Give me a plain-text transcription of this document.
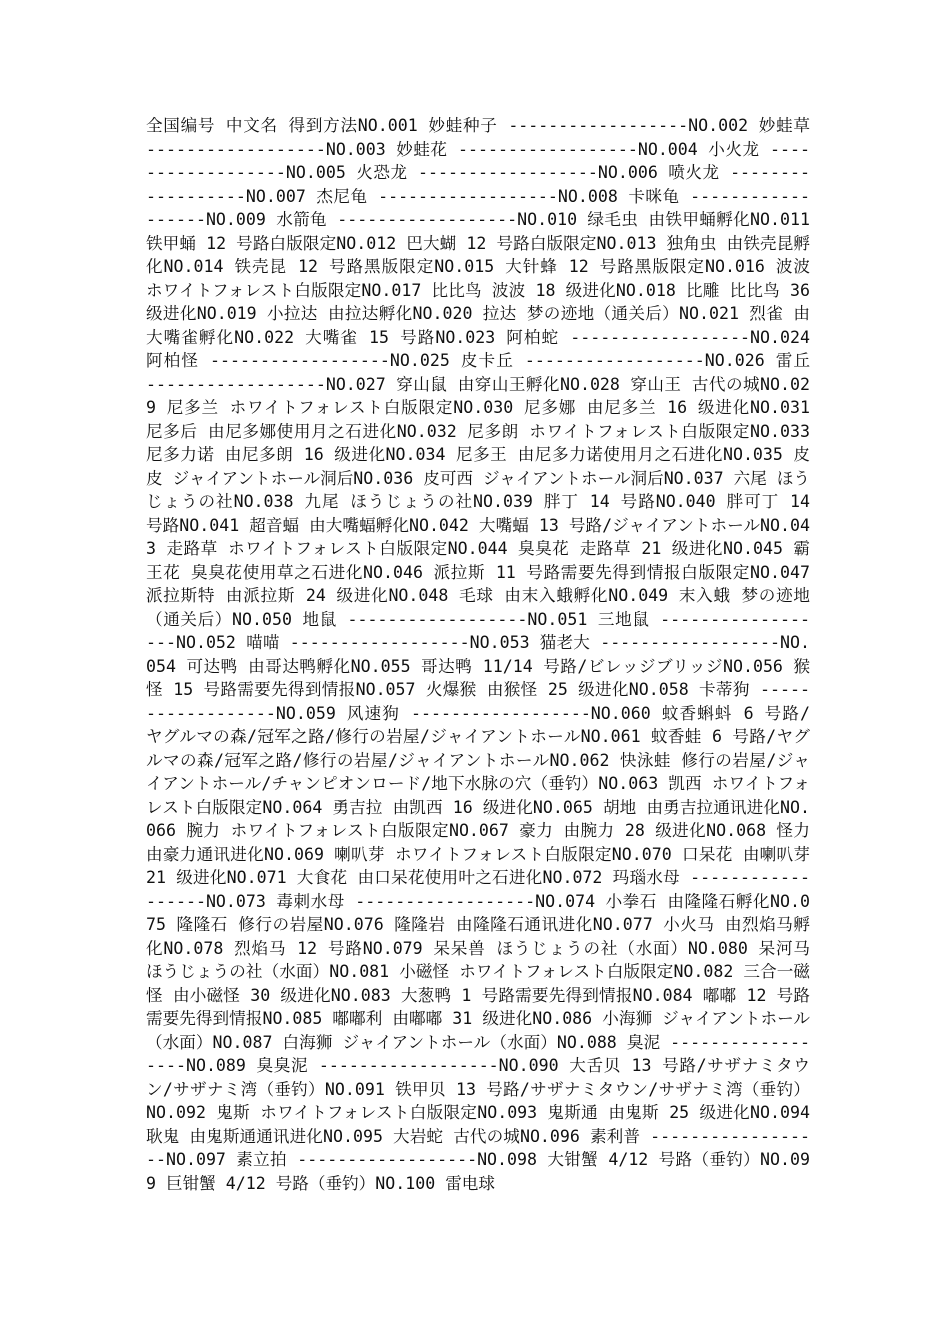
全国编号 中文名 得到方法NO.001 妙蛙种子 ------------------NO.002 妙蛙草 ------------------NO.003 妙蛙花 ------------------NO.004 小火龙 ------------------NO.005 火恐龙 ------------------NO.006 喷火龙 ------------------NO.007 杰尼龟 ------------------NO.008 卡咪龟 ------------------NO.009 水箭龟 ------------------NO.010 绿毛虫 由铁甲蛹孵化NO.011 铁甲蛹 12 号路白版限定NO.012 巴大蝴 12 号路白版限定NO.013 独角虫 由铁壳昆孵化NO.014 铁壳昆 12 号路黑版限定NO.015 大针蜂 12 号路黑版限定NO.016 波波 ホワイトフォレスト白版限定NO.017 比比鸟 波波 18 级进化NO.018 比雕 比比鸟 36 级进化NO.019 小拉达 由拉达孵化NO.020 拉达 梦の迹地（通关后）NO.021 烈雀 由大嘴雀孵化NO.022 大嘴雀 15 号路NO.023 阿柏蛇 ------------------NO.024 阿柏怪 ------------------NO.025 皮卡丘 ------------------NO.026 雷丘 ------------------NO.027 穿山鼠 由穿山王孵化NO.028 穿山王 古代の城NO.029 尼多兰 ホワイトフォレスト白版限定NO.030 尼多娜 由尼多兰 16 级进化NO.031 尼多后 由尼多娜使用月之石进化NO.032 尼多朗 ホワイトフォレスト白版限定NO.033 尼多力诺 由尼多朗 16 级进化NO.034 尼多王 由尼多力诺使用月之石进化NO.035 皮皮 ジャイアントホール洞后NO.036 皮可西 ジャイアントホール洞后NO.037 六尾 ほうじょうの社NO.038 九尾 ほうじょうの社NO.039 胖丁 14 号路NO.040 胖可丁 14 号路NO.041 超音蝠 由大嘴蝠孵化NO.042 大嘴蝠 13 号路/ジャイアントホールNO.043 走路草 ホワイトフォレスト白版限定NO.044 臭臭花 走路草 21 级进化NO.045 霸王花 臭臭花使用草之石进化NO.046 派拉斯 11 号路需要先得到情报白版限定NO.047 派拉斯特 由派拉斯 24 级进化NO.048 毛球 由末入蛾孵化NO.049 末入蛾 梦の迹地（通关后）NO.050 地鼠 ------------------NO.051 三地鼠 ------------------NO.052 喵喵 ------------------NO.053 猫老大 ------------------NO.054 可达鸭 由哥达鸭孵化NO.055 哥达鸭 11/14 号路/ビレッジブリッジNO.056 猴怪 15 号路需要先得到情报NO.057 火爆猴 由猴怪 25 级进化NO.058 卡蒂狗 ------------------NO.059 风速狗 ------------------NO.060 蚊香蝌蚪 6 号路/ヤグルマの森/冠军之路/修行の岩屋/ジャイアントホールNO.061 蚊香蛙 6 号路/ヤグルマの森/冠军之路/修行の岩屋/ジャイアントホールNO.062 快泳蛙 修行の岩屋/ジャイアントホール/チャンピオンロード/地下水脉の穴（垂钓）NO.063 凯西 ホワイトフォレスト白版限定NO.064 勇吉拉 由凯西 16 级进化NO.065 胡地 由勇吉拉通讯进化NO.066 腕力 ホワイトフォレスト白版限定NO.067 豪力 由腕力 28 级进化NO.068 怪力 由豪力通讯进化NO.069 喇叭芽 ホワイトフォレスト白版限定NO.070 口呆花 由喇叭芽 21 级进化NO.071 大食花 由口呆花使用叶之石进化NO.072 玛瑙水母 ------------------NO.073 毒刺水母 ------------------NO.074 小拳石 由隆隆石孵化NO.075 隆隆石 修行の岩屋NO.076 隆隆岩 由隆隆石通讯进化NO.077 小火马 由烈焰马孵化NO.078 烈焰马 12 号路NO.079 呆呆兽 ほうじょうの社（水面）NO.080 呆河马 ほうじょうの社（水面）NO.081 小磁怪 ホワイトフォレスト白版限定NO.082 三合一磁怪 由小磁怪 30 级进化NO.083 大葱鸭 1 号路需要先得到情报NO.084 嘟嘟 12 号路需要先得到情报NO.085 嘟嘟利 由嘟嘟 31 级进化NO.086 小海狮 ジャイアントホール（水面）NO.087 白海狮 ジャイアントホール（水面）NO.088 臭泥 ------------------NO.089 臭臭泥 ------------------NO.090 大舌贝 13 号路/サザナミタウン/サザナミ湾（垂钓）NO.091 铁甲贝 13 号路/サザナミタウン/サザナミ湾（垂钓）NO.092 鬼斯 ホワイトフォレスト白版限定NO.093 鬼斯通 由鬼斯 25 级进化NO.094 耿鬼 由鬼斯通通讯进化NO.095 大岩蛇 古代の城NO.096 素利普 ------------------NO.097 素立拍 ------------------NO.098 大钳蟹 4/12 号路（垂钓）NO.099 巨钳蟹 4/12 号路（垂钓）NO.100 雷电球
